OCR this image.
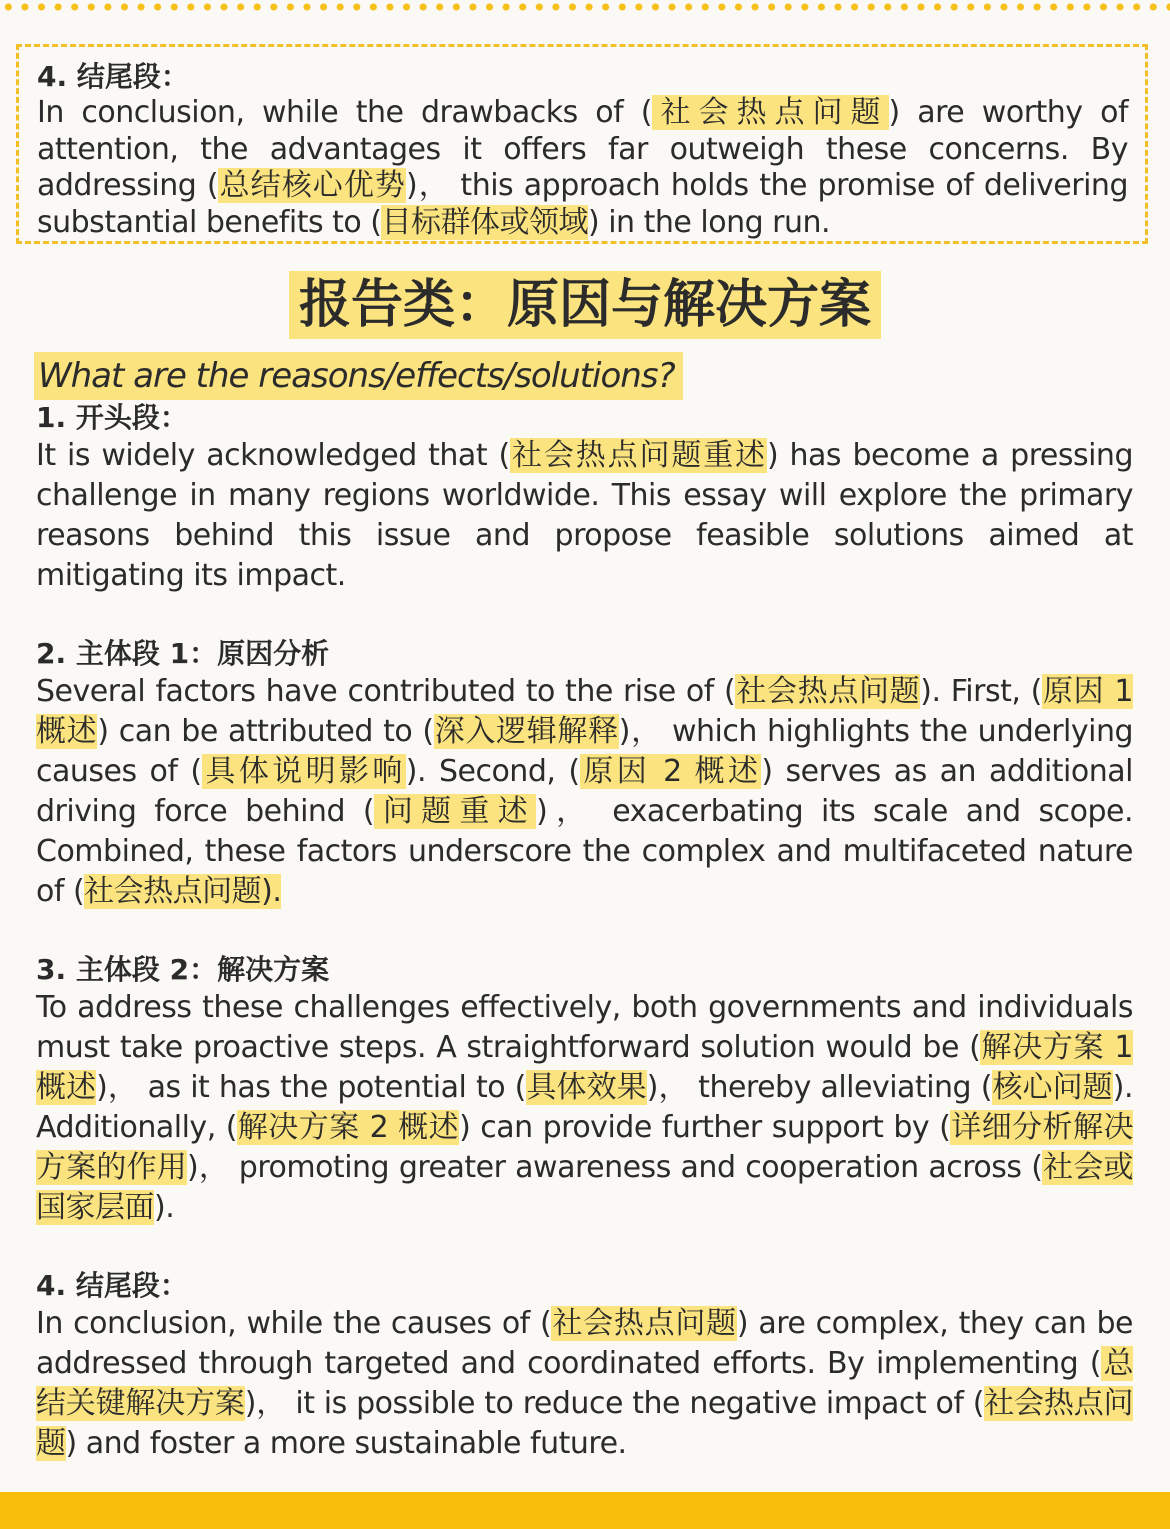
4. 结尾段：

In conclusion, while the drawbacks of (社会热点问题) are worthy of attention, the advantages it offers far outweigh these concerns. By addressing (总结核心优势)， this approach holds the promise of delivering substantial benefits to (目标群体或领域) in the long run.

报告类：原因与解决方案
What are the reasons/effects/solutions?

1. 开头段：

It is widely acknowledged that (社会热点问题重述) has become a pressing challenge in many regions worldwide. This essay will explore the primary reasons behind this issue and propose feasible solutions aimed at mitigating its impact.

2. 主体段 1：原因分析

Several factors have contributed to the rise of (社会热点问题). First, (原因 1 概述) can be attributed to (深入逻辑解释)， which highlights the underlying causes of (具体说明影响). Second, (原因 2 概述) serves as an additional driving force behind (问题重述)， exacerbating its scale and scope. Combined, these factors underscore the complex and multifaceted nature of (社会热点问题).

3. 主体段 2：解决方案

To address these challenges effectively, both governments and individuals must take proactive steps. A straightforward solution would be (解决方案 1 概述)， as it has the potential to (具体效果)， thereby alleviating (核心问题). Additionally, (解决方案 2 概述) can provide further support by (详细分析解决方案的作用)， promoting greater awareness and cooperation across (社会或国家层面).

4. 结尾段：

In conclusion, while the causes of (社会热点问题) are complex, they can be addressed through targeted and coordinated efforts. By implementing (总结关键解决方案)， it is possible to reduce the negative impact of (社会热点问题) and foster a more sustainable future.
